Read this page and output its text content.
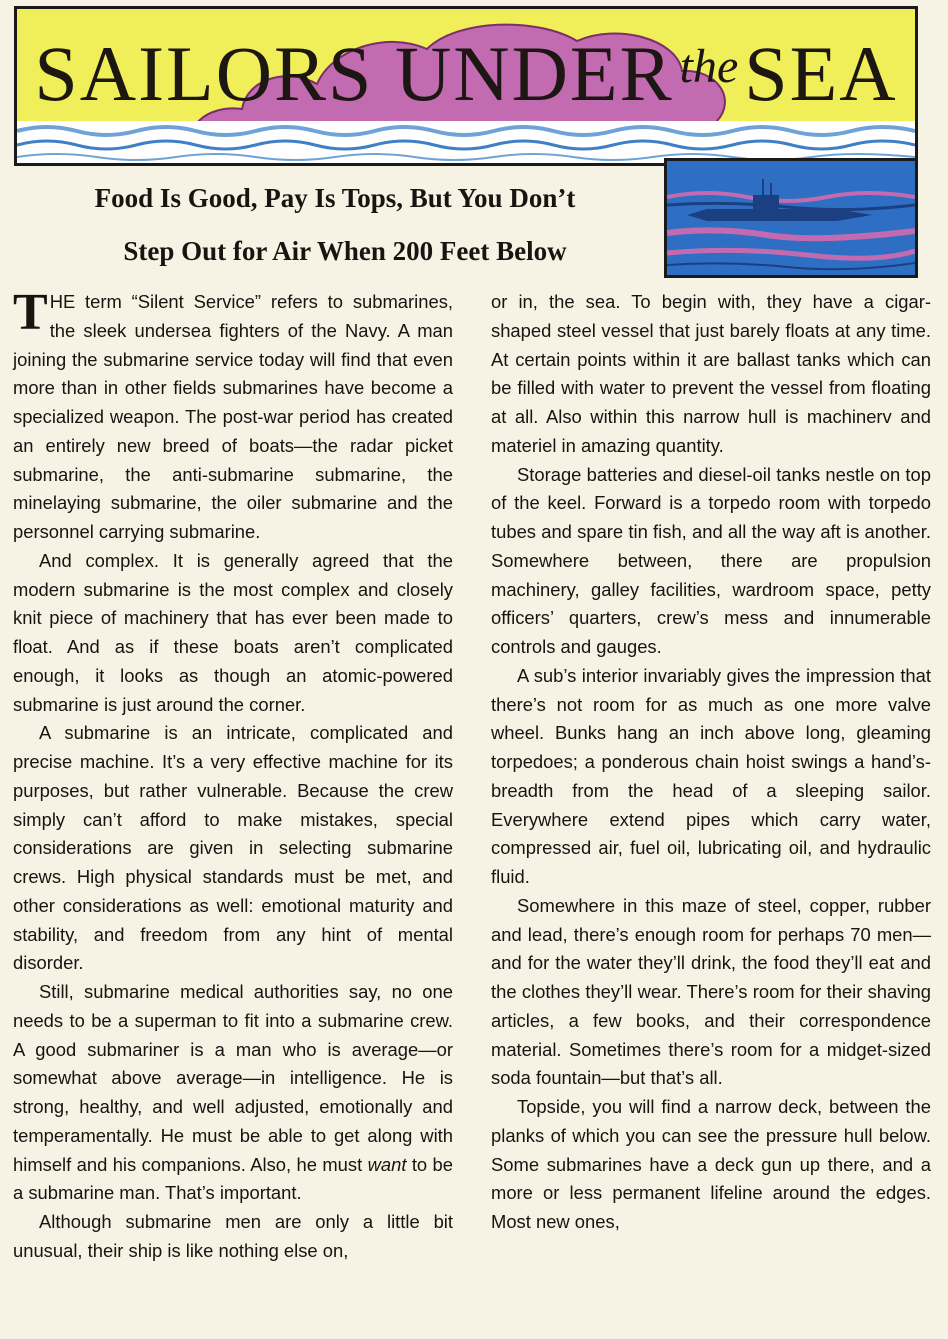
SAILORS UNDER $^{the}$SEA
Food Is Good, Pay Is Tops, But You Don’t
Step Out for Air When 200 Feet Below

THE term “Silent Service” refers to submarines, the sleek undersea fighters of the Navy. A man joining the submarine service today will find that even more than in other fields submarines have become a specialized weapon. The post-war period has created an entirely new breed of boats—the radar picket submarine, the anti-submarine submarine, the minelaying submarine, the oiler submarine and the personnel carrying submarine.

And complex. It is generally agreed that the modern submarine is the most complex and closely knit piece of machinery that has ever been made to float. And as if these boats aren’t complicated enough, it looks as though an atomic-powered submarine is just around the corner.

A submarine is an intricate, complicated and precise machine. It’s a very effective machine for its purposes, but rather vulnerable. Because the crew simply can’t afford to make mistakes, special considerations are given in selecting submarine crews. High physical standards must be met, and other considerations as well: emotional maturity and stability, and freedom from any hint of mental disorder.

Still, submarine medical authorities say, no one needs to be a superman to fit into a submarine crew. A good submariner is a man who is average—or somewhat above average—in intelligence. He is strong, healthy, and well adjusted, emotionally and temperamentally. He must be able to get along with himself and his companions. Also, he must want to be a submarine man. That’s important.

Although submarine men are only a little bit unusual, their ship is like nothing else on,

or in, the sea. To begin with, they have a cigar-shaped steel vessel that just barely floats at any time. At certain points within it are ballast tanks which can be filled with water to prevent the vessel from floating at all. Also within this narrow hull is machinerv and materiel in amazing quantity.

Storage batteries and diesel-oil tanks nestle on top of the keel. Forward is a torpedo room with torpedo tubes and spare tin fish, and all the way aft is another. Somewhere between, there are propulsion machinery, galley facilities, wardroom space, petty officers’ quarters, crew’s mess and innumerable controls and gauges.

A sub’s interior invariably gives the impression that there’s not room for as much as one more valve wheel. Bunks hang an inch above long, gleaming torpedoes; a ponderous chain hoist swings a hand’s-breadth from the head of a sleeping sailor. Everywhere extend pipes which carry water, compressed air, fuel oil, lubricating oil, and hydraulic fluid.

Somewhere in this maze of steel, copper, rubber and lead, there’s enough room for perhaps 70 men—and for the water they’ll drink, the food they’ll eat and the clothes they’ll wear. There’s room for their shaving articles, a few books, and their correspondence material. Sometimes there’s room for a midget-sized soda fountain—but that’s all.

Topside, you will find a narrow deck, between the planks of which you can see the pressure hull below. Some submarines have a deck gun up there, and a more or less permanent lifeline around the edges. Most new ones,
